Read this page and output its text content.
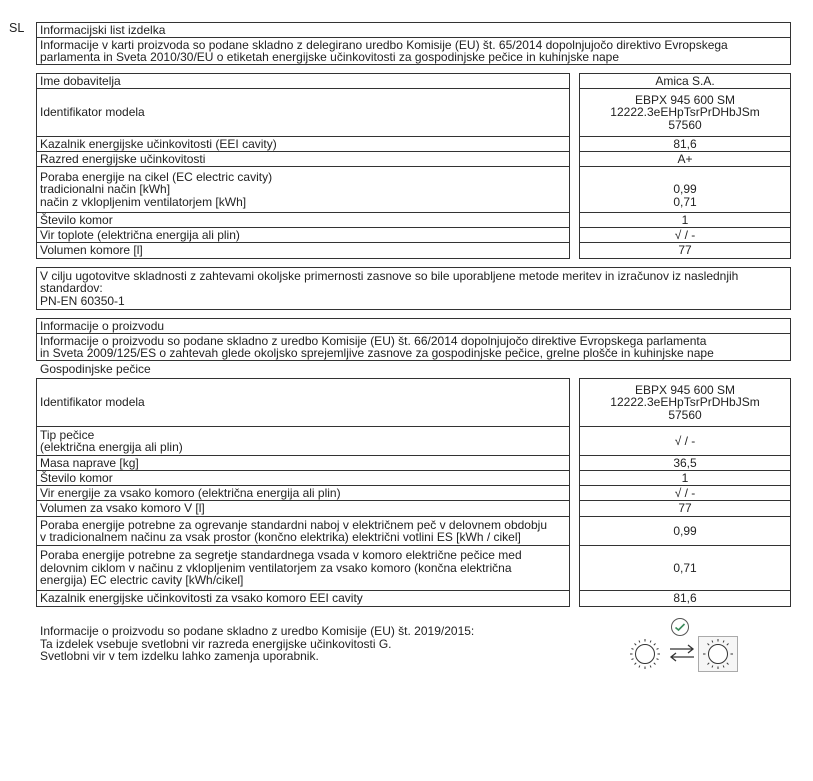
SL Informacijski list izdelka
Informacije v karti proizvoda so podane skladno z delegirano uredbo Komisije (EU) št. 65/2014 dopolnjujočo direktivo Evropskega
parlamenta in Sveta 2010/30/EU o etiketah energijske učinkovitosti za gospodinjske pečice in kuhinjske nape
Ime dobavitelja
Identifikator modela
Kazalnik energijske učinkovitosti (EEI cavity)
Razred energijske učinkovitosti
Poraba energije na cikel (EC electric cavity)
tradicionalni način [kWh]
način z vklopljenim ventilatorjem [kWh]
Število komor
Vir toplote (električna energija ali plin)
Volumen komore [l]
Amica S.A.
EBPX 945 600 SM
12222.3eEHpTsrPrDHbJSm
57560
81,6
A+
0,99
0,71
1
√ / -
77
V cilju ugotovitve skladnosti z zahtevami okoljske primernosti zasnove so bile uporabljene metode meritev in izračunov iz naslednjih
standardov:
PN-EN 60350-1
Informacije o proizvodu
Informacije o proizvodu so podane skladno z uredbo Komisije (EU) št. 66/2014 dopolnjujočo direktive Evropskega parlamenta
in Sveta 2009/125/ES o zahtevah glede okoljsko sprejemljive zasnove za gospodinjske pečice, grelne plošče in kuhinjske nape
Gospodinjske pečice
Identifikator modela
Tip pečice
(električna energija ali plin)
Masa naprave [kg]
Število komor
Vir energije za vsako komoro (električna energija ali plin)
Volumen za vsako komoro V [l]
Poraba energije potrebne za ogrevanje standardni naboj v električnem peč v delovnem obdobju
v tradicionalnem načinu za vsak prostor (končno elektrika) električni votlini ES [kWh / cikel]
Poraba energije potrebne za segretje standardnega vsada v komoro električne pečice med
delovnim ciklom v načinu z vklopljenim ventilatorjem za vsako komoro (končna električna
energija) EC electric cavity [kWh/cikel]
Kazalnik energijske učinkovitosti za vsako komoro EEI cavity
EBPX 945 600 SM
12222.3eEHpTsrPrDHbJSm
57560
√ / -
36,5
1
√ / -
77
0,99
0,71
81,6
Informacije o proizvodu so podane skladno z uredbo Komisije (EU) št. 2019/2015:
Ta izdelek vsebuje svetlobni vir razreda energijske učinkovitosti G.
Svetlobni vir v tem izdelku lahko zamenja uporabnik.
